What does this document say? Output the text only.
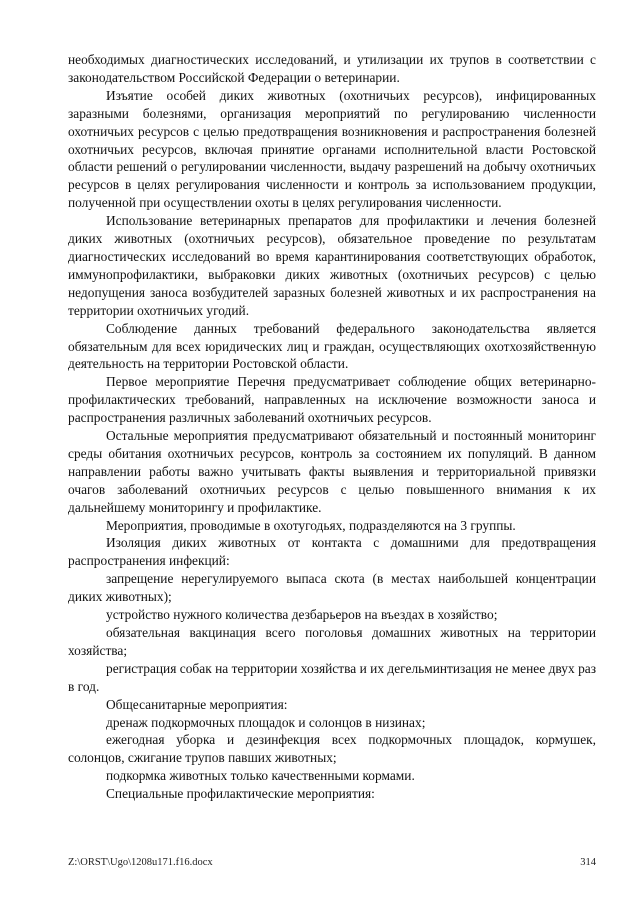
необходимых диагностических исследований, и утилизации их трупов в соответствии с законодательством Российской Федерации о ветеринарии.

Изъятие особей диких животных (охотничьих ресурсов), инфицированных заразными болезнями, организация мероприятий по регулированию численности охотничьих ресурсов с целью предотвращения возникновения и распространения болезней охотничьих ресурсов, включая принятие органами исполнительной власти Ростовской области решений о регулировании численности, выдачу разрешений на добычу охотничьих ресурсов в целях регулирования численности и контроль за использованием продукции, полученной при осуществлении охоты в целях регулирования численности.

Использование ветеринарных препаратов для профилактики и лечения болезней диких животных (охотничьих ресурсов), обязательное проведение по результатам диагностических исследований во время карантинирования соответствующих обработок, иммунопрофилактики, выбраковки диких животных (охотничьих ресурсов) с целью недопущения заноса возбудителей заразных болезней животных и их распространения на территории охотничьих угодий.

Соблюдение данных требований федерального законодательства является обязательным для всех юридических лиц и граждан, осуществляющих охотхозяйственную деятельность на территории Ростовской области.

Первое мероприятие Перечня предусматривает соблюдение общих ветеринарно-профилактических требований, направленных на исключение возможности заноса и распространения различных заболеваний охотничьих ресурсов.

Остальные мероприятия предусматривают обязательный и постоянный мониторинг среды обитания охотничьих ресурсов, контроль за состоянием их популяций. В данном направлении работы важно учитывать факты выявления и территориальной привязки очагов заболеваний охотничьих ресурсов с целью повышенного внимания к их дальнейшему мониторингу и профилактике.

Мероприятия, проводимые в охотугодьях, подразделяются на 3 группы.

Изоляция диких животных от контакта с домашними для предотвращения распространения инфекций:

запрещение нерегулируемого выпаса скота (в местах наибольшей концентрации диких животных);

устройство нужного количества дезбарьеров на въездах в хозяйство;

обязательная вакцинация всего поголовья домашних животных на территории хозяйства;

регистрация собак на территории хозяйства и их дегельминтизация не менее двух раз в год.

Общесанитарные мероприятия:

дренаж подкормочных площадок и солонцов в низинах;

ежегодная уборка и дезинфекция всех подкормочных площадок, кормушек, солонцов, сжигание трупов павших животных;

подкормка животных только качественными кормами.

Специальные профилактические мероприятия:

Z:\ORST\Ugo\1208u171.f16.docx	314
